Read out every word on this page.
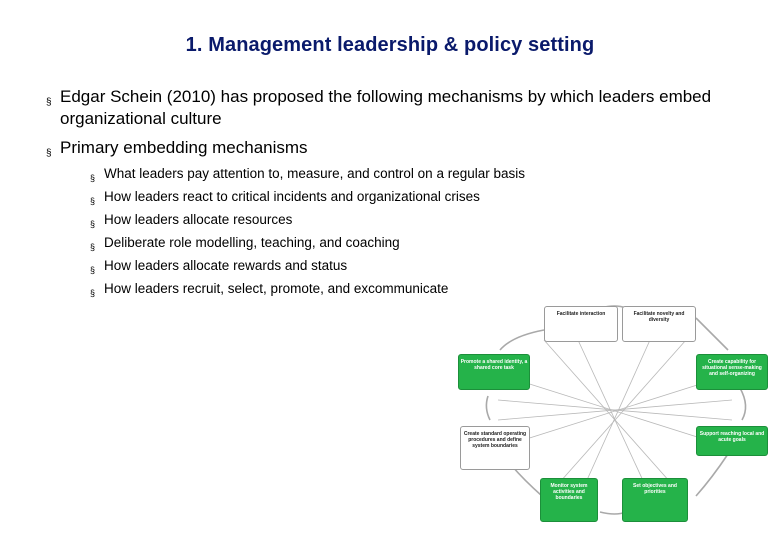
1. Management leadership & policy setting
§ Edgar Schein (2010) has proposed the following mechanisms by which leaders embed organizational culture
§ Primary embedding mechanisms
§ What leaders pay attention to, measure, and control on a regular basis
§ How leaders react to critical incidents and organizational crises
§ How leaders allocate resources
§ Deliberate role modelling, teaching, and coaching
§ How leaders allocate rewards and status
§ How leaders recruit, select, promote, and excommunicate
Facilitate interaction	Facilitate novelty and diversity
Create capability for situational sense-making and self-organizing
Support reaching local and acute goals
Set objectives and priorities
Monitor system activities and boundaries
Create standard operating procedures and define system boundaries
Promote a shared identity, a shared core task
